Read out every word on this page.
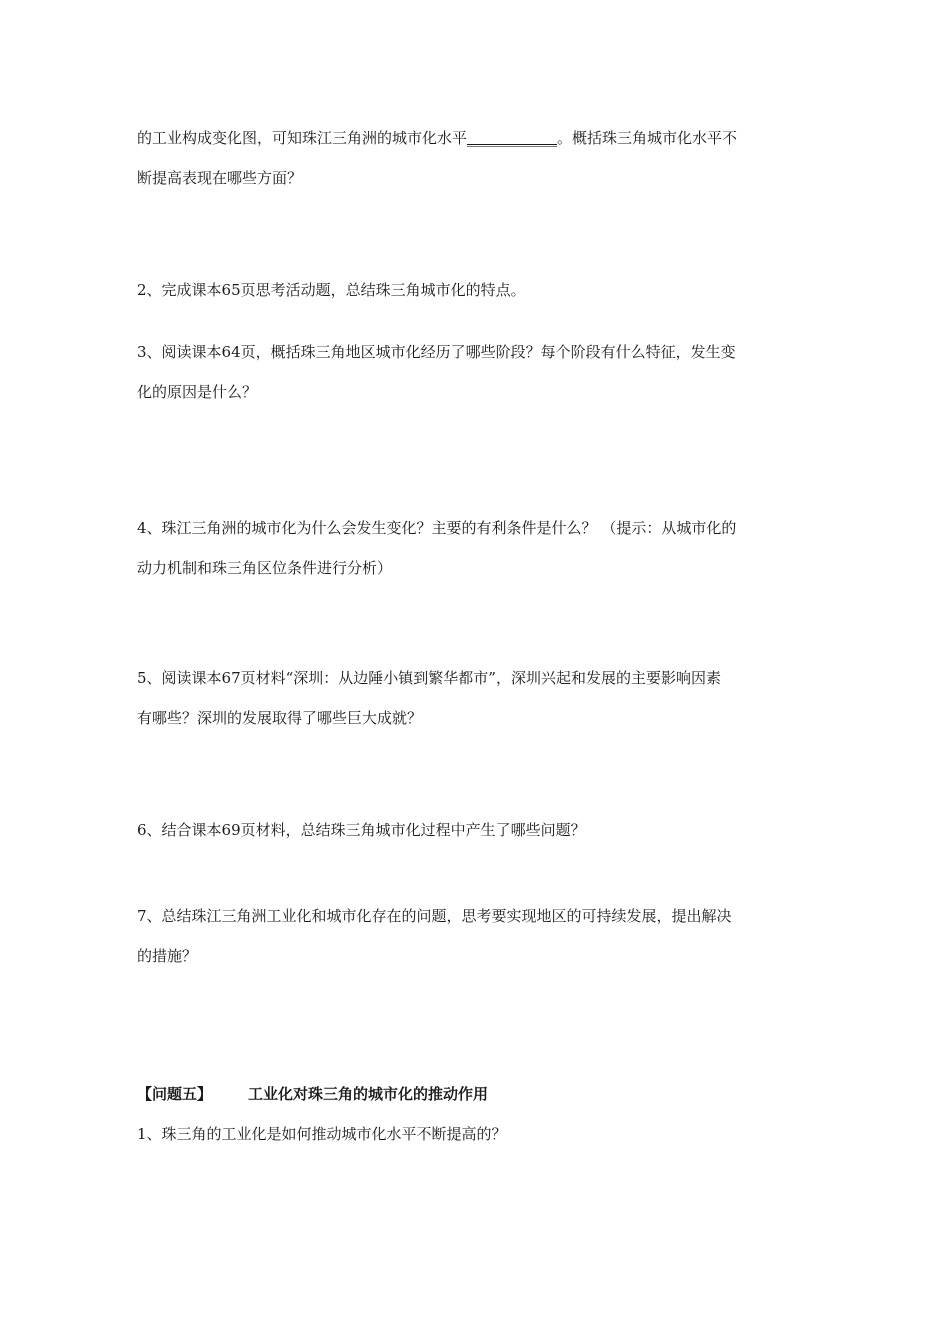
的工业构成变化图，可知珠江三角洲的城市化水平____________。概括珠三角城市化水平不

断提高表现在哪些方面？

2、完成课本65页思考活动题，总结珠三角城市化的特点。

3、阅读课本64页，概括珠三角地区城市化经历了哪些阶段？每个阶段有什么特征，发生变

化的原因是什么？

4、珠江三角洲的城市化为什么会发生变化？主要的有利条件是什么？ （提示：从城市化的

动力机制和珠三角区位条件进行分析）

5、阅读课本67页材料“深圳：从边陲小镇到繁华都市”，深圳兴起和发展的主要影响因素

有哪些？深圳的发展取得了哪些巨大成就？

6、结合课本69页材料，总结珠三角城市化过程中产生了哪些问题？

7、总结珠江三角洲工业化和城市化存在的问题，思考要实现地区的可持续发展，提出解决

的措施？

【问题五】 工业化对珠三角的城市化的推动作用

1、珠三角的工业化是如何推动城市化水平不断提高的？
